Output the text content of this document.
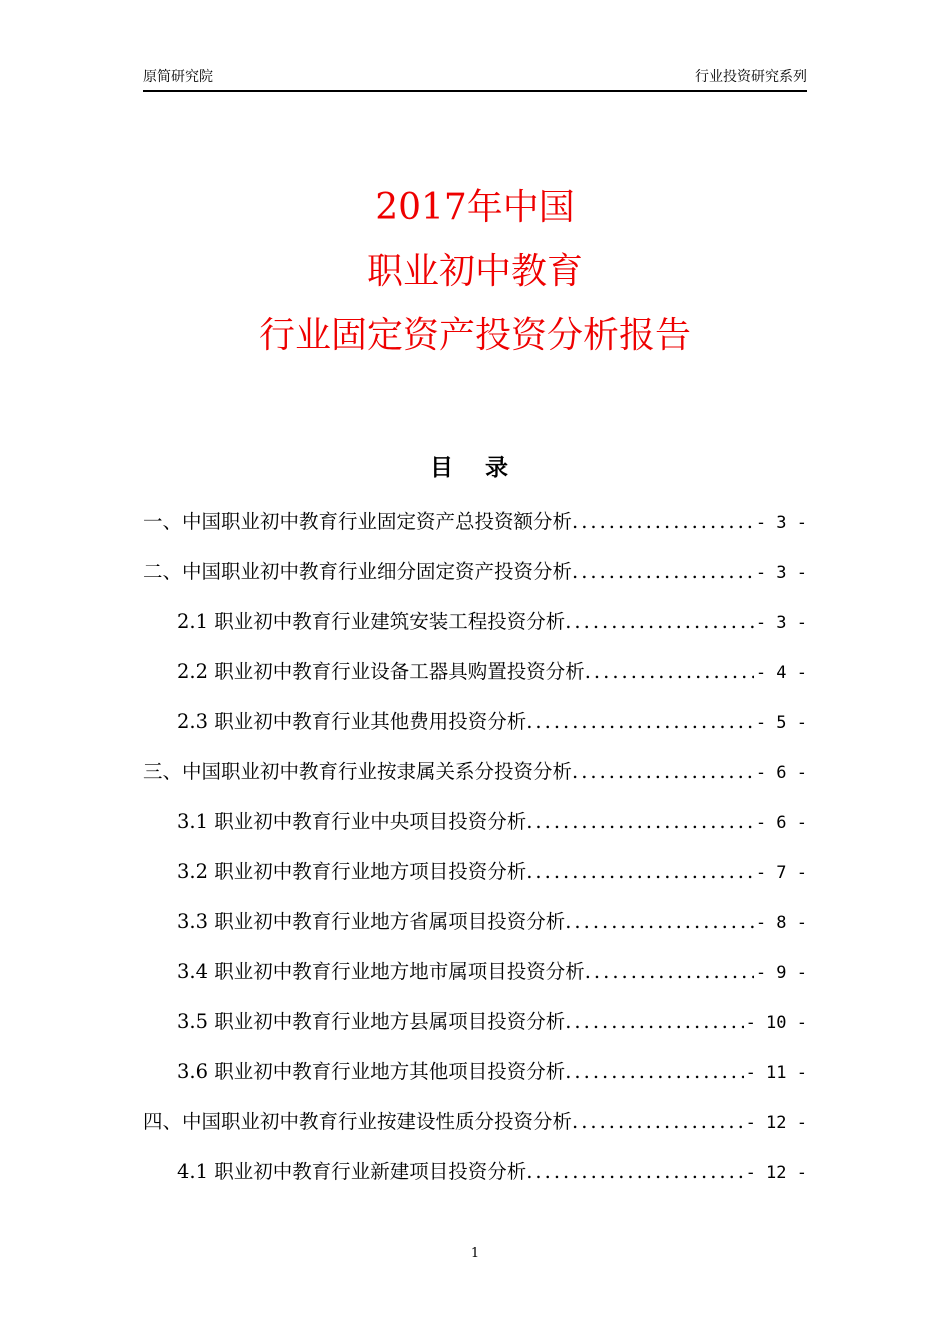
原简研究院	行业投资研究系列
2017年中国
职业初中教育
行业固定资产投资分析报告
目 录
一、中国职业初中教育行业固定资产总投资额分析 .....	- 3 -
二、中国职业初中教育行业细分固定资产投资分析 .....	- 3 -
2.1 职业初中教育行业建筑安装工程投资分析 .....	- 3 -
2.2 职业初中教育行业设备工器具购置投资分析 .....	- 4 -
2.3 职业初中教育行业其他费用投资分析 .....	- 5 -
三、中国职业初中教育行业按隶属关系分投资分析 .....	- 6 -
3.1 职业初中教育行业中央项目投资分析 .....	- 6 -
3.2 职业初中教育行业地方项目投资分析 .....	- 7 -
3.3 职业初中教育行业地方省属项目投资分析 .....	- 8 -
3.4 职业初中教育行业地方地市属项目投资分析 .....	- 9 -
3.5 职业初中教育行业地方县属项目投资分析 .....	- 10 -
3.6 职业初中教育行业地方其他项目投资分析 .....	- 11 -
四、中国职业初中教育行业按建设性质分投资分析 .....	- 12 -
4.1 职业初中教育行业新建项目投资分析 .....	- 12 -
1
